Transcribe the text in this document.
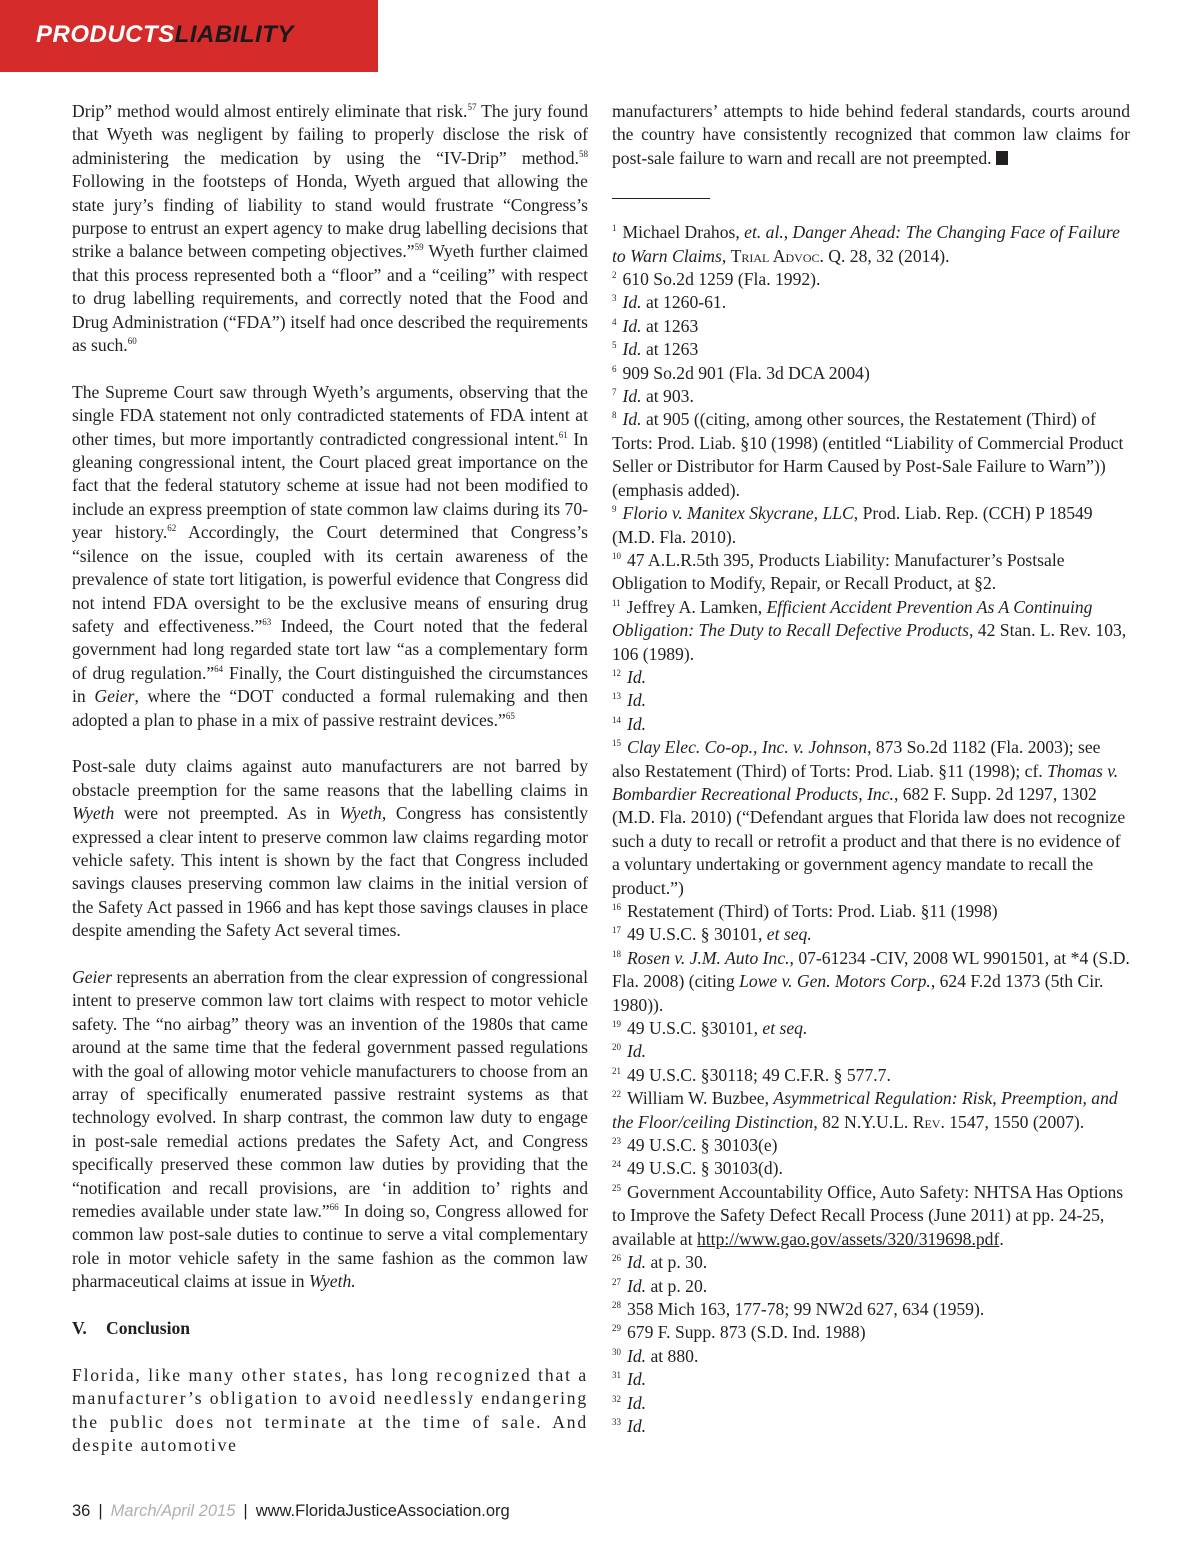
PRODUCTSLIABILITY

Drip” method would almost entirely eliminate that risk.$^{57}$ The jury found that Wyeth was negligent by failing to properly disclose the risk of administering the medication by using the “IV-Drip” method.$^{58}$ Following in the footsteps of Honda, Wyeth argued that allowing the state jury’s finding of liability to stand would frustrate “Congress’s purpose to entrust an expert agency to make drug labelling decisions that strike a balance between competing objectives.”$^{59}$ Wyeth further claimed that this process represented both a “floor” and a “ceiling” with respect to drug labelling requirements, and correctly noted that the Food and Drug Administration (“FDA”) itself had once described the requirements as such.$^{60}$

The Supreme Court saw through Wyeth’s arguments, observing that the single FDA statement not only contradicted statements of FDA intent at other times, but more importantly contradicted congressional intent.$^{61}$ In gleaning congressional intent, the Court placed great importance on the fact that the federal statutory scheme at issue had not been modified to include an express preemption of state common law claims during its 70-year history.$^{62}$ Accordingly, the Court determined that Congress’s “silence on the issue, coupled with its certain awareness of the prevalence of state tort litigation, is powerful evidence that Congress did not intend FDA oversight to be the exclusive means of ensuring drug safety and effectiveness.”$^{63}$ Indeed, the Court noted that the federal government had long regarded state tort law “as a complementary form of drug regulation.”$^{64}$ Finally, the Court distinguished the circumstances in Geier, where the “DOT conducted a formal rulemaking and then adopted a plan to phase in a mix of passive restraint devices.”$^{65}$

Post-sale duty claims against auto manufacturers are not barred by obstacle preemption for the same reasons that the labelling claims in Wyeth were not preempted. As in Wyeth, Congress has consistently expressed a clear intent to preserve common law claims regarding motor vehicle safety. This intent is shown by the fact that Congress included savings clauses preserving common law claims in the initial version of the Safety Act passed in 1966 and has kept those savings clauses in place despite amending the Safety Act several times.

Geier represents an aberration from the clear expression of congressional intent to preserve common law tort claims with respect to motor vehicle safety. The “no airbag” theory was an invention of the 1980s that came around at the same time that the federal government passed regulations with the goal of allowing motor vehicle manufacturers to choose from an array of specifically enumerated passive restraint systems as that technology evolved. In sharp contrast, the common law duty to engage in post-sale remedial actions predates the Safety Act, and Congress specifically preserved these common law duties by providing that the “notification and recall provisions, are ‘in addition to’ rights and remedies available under state law.”$^{66}$ In doing so, Congress allowed for common law post-sale duties to continue to serve a vital complementary role in motor vehicle safety in the same fashion as the common law pharmaceutical claims at issue in Wyeth.

V. Conclusion

Florida, like many other states, has long recognized that a manufacturer’s obligation to avoid needlessly endangering the public does not terminate at the time of sale. And despite automotive

manufacturers’ attempts to hide behind federal standards, courts around the country have consistently recognized that common law claims for post-sale failure to warn and recall are not preempted.

$^1$ Michael Drahos, et. al., Danger Ahead: The Changing Face of Failure to Warn Claims, Trial Advoc. Q. 28, 32 (2014).

$^2$ 610 So.2d 1259 (Fla. 1992).

$^3$ Id. at 1260-61.

$^4$ Id. at 1263

$^5$ Id. at 1263

$^6$ 909 So.2d 901 (Fla. 3d DCA 2004)

$^7$ Id. at 903.

$^8$ Id. at 905 ((citing, among other sources, the Restatement (Third) of Torts: Prod. Liab. §10 (1998) (entitled “Liability of Commercial Product Seller or Distributor for Harm Caused by Post-Sale Failure to Warn”)) (emphasis added).

$^9$ Florio v. Manitex Skycrane, LLC, Prod. Liab. Rep. (CCH) P 18549 (M.D. Fla. 2010).

$^{10}$ 47 A.L.R.5th 395, Products Liability: Manufacturer’s Postsale Obligation to Modify, Repair, or Recall Product, at §2.

$^{11}$ Jeffrey A. Lamken, Efficient Accident Prevention As A Continuing Obligation: The Duty to Recall Defective Products, 42 Stan. L. Rev. 103, 106 (1989).

$^{12}$ Id.

$^{13}$ Id.

$^{14}$ Id.

$^{15}$ Clay Elec. Co-op., Inc. v. Johnson, 873 So.2d 1182 (Fla. 2003); see also Restatement (Third) of Torts: Prod. Liab. §11 (1998); cf. Thomas v. Bombardier Recreational Products, Inc., 682 F. Supp. 2d 1297, 1302 (M.D. Fla. 2010) (“Defendant argues that Florida law does not recognize such a duty to recall or retrofit a product and that there is no evidence of a voluntary undertaking or government agency mandate to recall the product.”)

$^{16}$ Restatement (Third) of Torts: Prod. Liab. §11 (1998)

$^{17}$ 49 U.S.C. § 30101, et seq.

$^{18}$ Rosen v. J.M. Auto Inc., 07-61234 -CIV, 2008 WL 9901501, at *4 (S.D. Fla. 2008) (citing Lowe v. Gen. Motors Corp., 624 F.2d 1373 (5th Cir. 1980)).

$^{19}$ 49 U.S.C. §30101, et seq.

$^{20}$ Id.

$^{21}$ 49 U.S.C. §30118; 49 C.F.R. § 577.7.

$^{22}$ William W. Buzbee, Asymmetrical Regulation: Risk, Preemption, and the Floor/ceiling Distinction, 82 N.Y.U.L. Rev. 1547, 1550 (2007).

$^{23}$ 49 U.S.C. § 30103(e)

$^{24}$ 49 U.S.C. § 30103(d).

$^{25}$ Government Accountability Office, Auto Safety: NHTSA Has Options to Improve the Safety Defect Recall Process (June 2011) at pp. 24-25, available at http://www.gao.gov/assets/320/319698.pdf.

$^{26}$ Id. at p. 30.

$^{27}$ Id. at p. 20.

$^{28}$ 358 Mich 163, 177-78; 99 NW2d 627, 634 (1959).

$^{29}$ 679 F. Supp. 873 (S.D. Ind. 1988)

$^{30}$ Id. at 880.

$^{31}$ Id.

$^{32}$ Id.

$^{33}$ Id.

36 | March/April 2015 | www.FloridaJusticeAssociation.org
